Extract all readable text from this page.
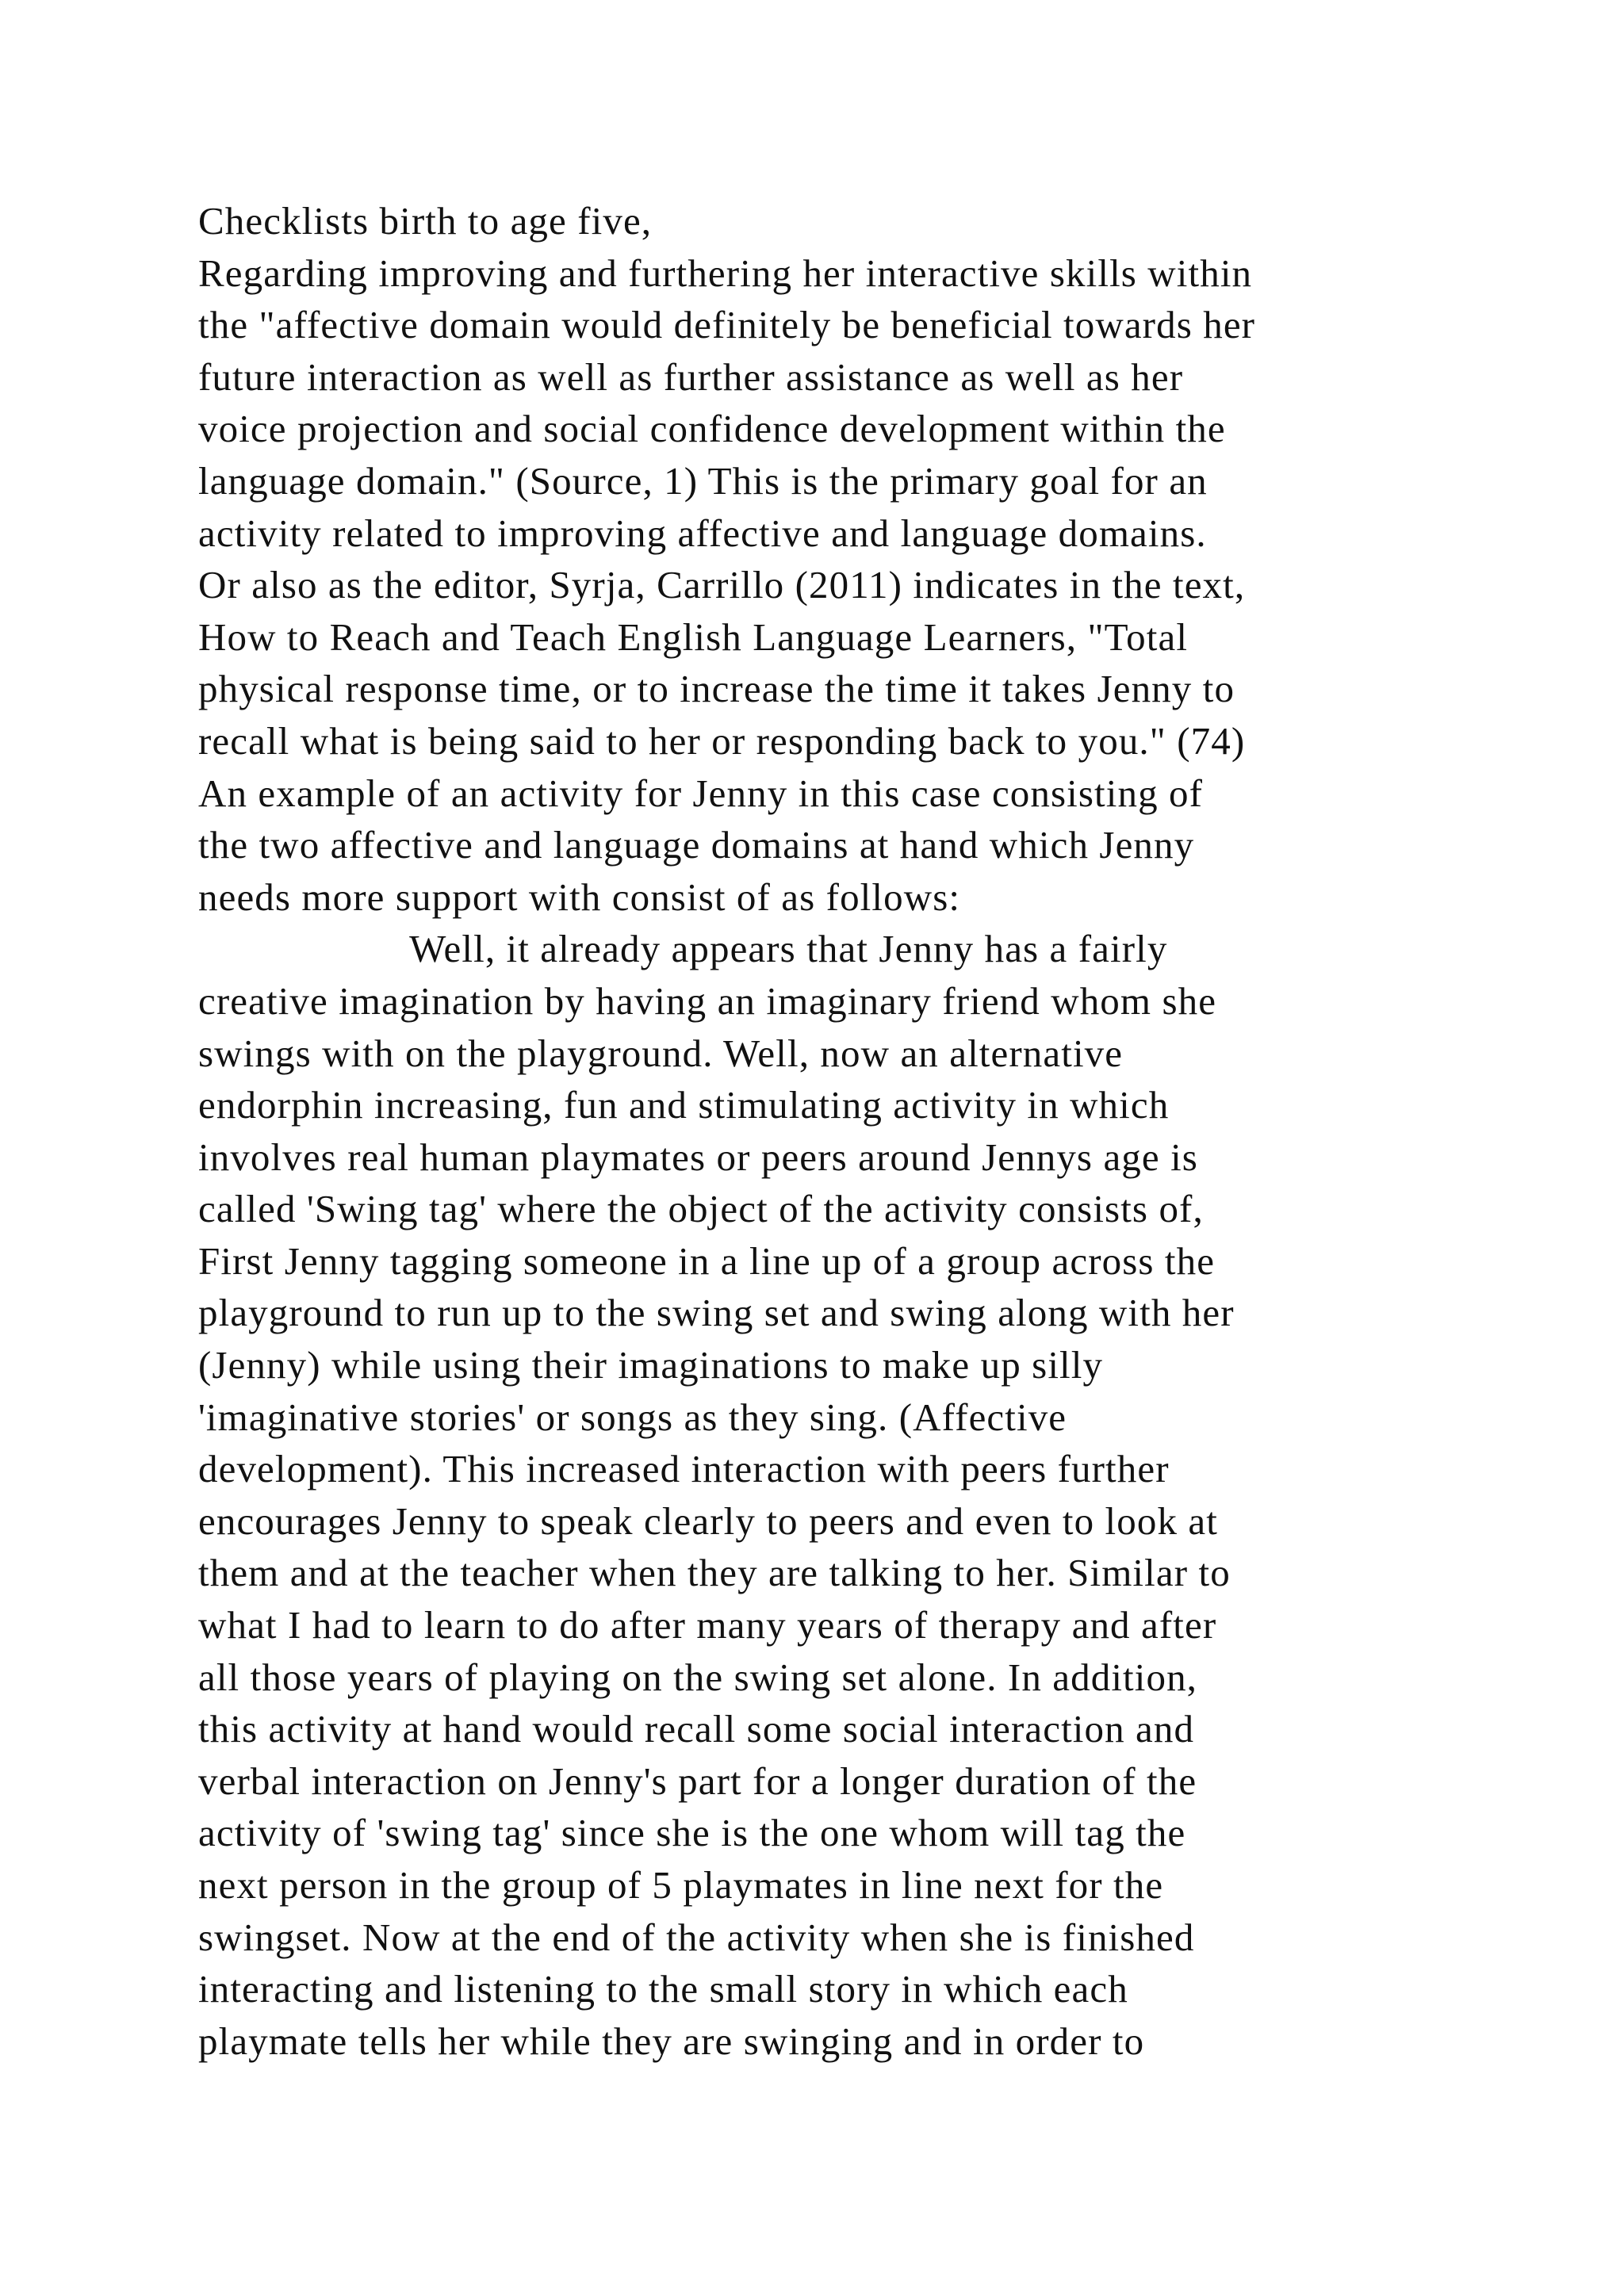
Checklists birth to age five,
Regarding improving and furthering her interactive skills within
the "affective domain would definitely be beneficial towards her
future interaction as well as further assistance as well as her
voice projection and social confidence development within the
language domain." (Source, 1) This is the primary goal for an
activity related to improving affective and language domains.
Or also as the editor, Syrja, Carrillo (2011) indicates in the text,
How to Reach and Teach English Language Learners, "Total
physical response time, or to increase the time it takes Jenny to
recall what is being said to her or responding back to you." (74)
An example of an activity for Jenny in this case consisting of
the two affective and language domains at hand which Jenny
needs more support with consist of as follows:
Well, it already appears that Jenny has a fairly
creative imagination by having an imaginary friend whom she
swings with on the playground. Well, now an alternative
endorphin increasing, fun and stimulating activity in which
involves real human playmates or peers around Jennys age is
called 'Swing tag' where the object of the activity consists of,
First Jenny tagging someone in a line up of a group across the
playground to run up to the swing set and swing along with her
(Jenny) while using their imaginations to make up silly
'imaginative stories' or songs as they sing. (Affective
development). This increased interaction with peers further
encourages Jenny to speak clearly to peers and even to look at
them and at the teacher when they are talking to her. Similar to
what I had to learn to do after many years of therapy and after
all those years of playing on the swing set alone. In addition,
this activity at hand would recall some social interaction and
verbal interaction on Jenny's part for a longer duration of the
activity of 'swing tag' since she is the one whom will tag the
next person in the group of 5 playmates in line next for the
swingset. Now at the end of the activity when she is finished
interacting and listening to the small story in which each
playmate tells her while they are swinging and in order to
